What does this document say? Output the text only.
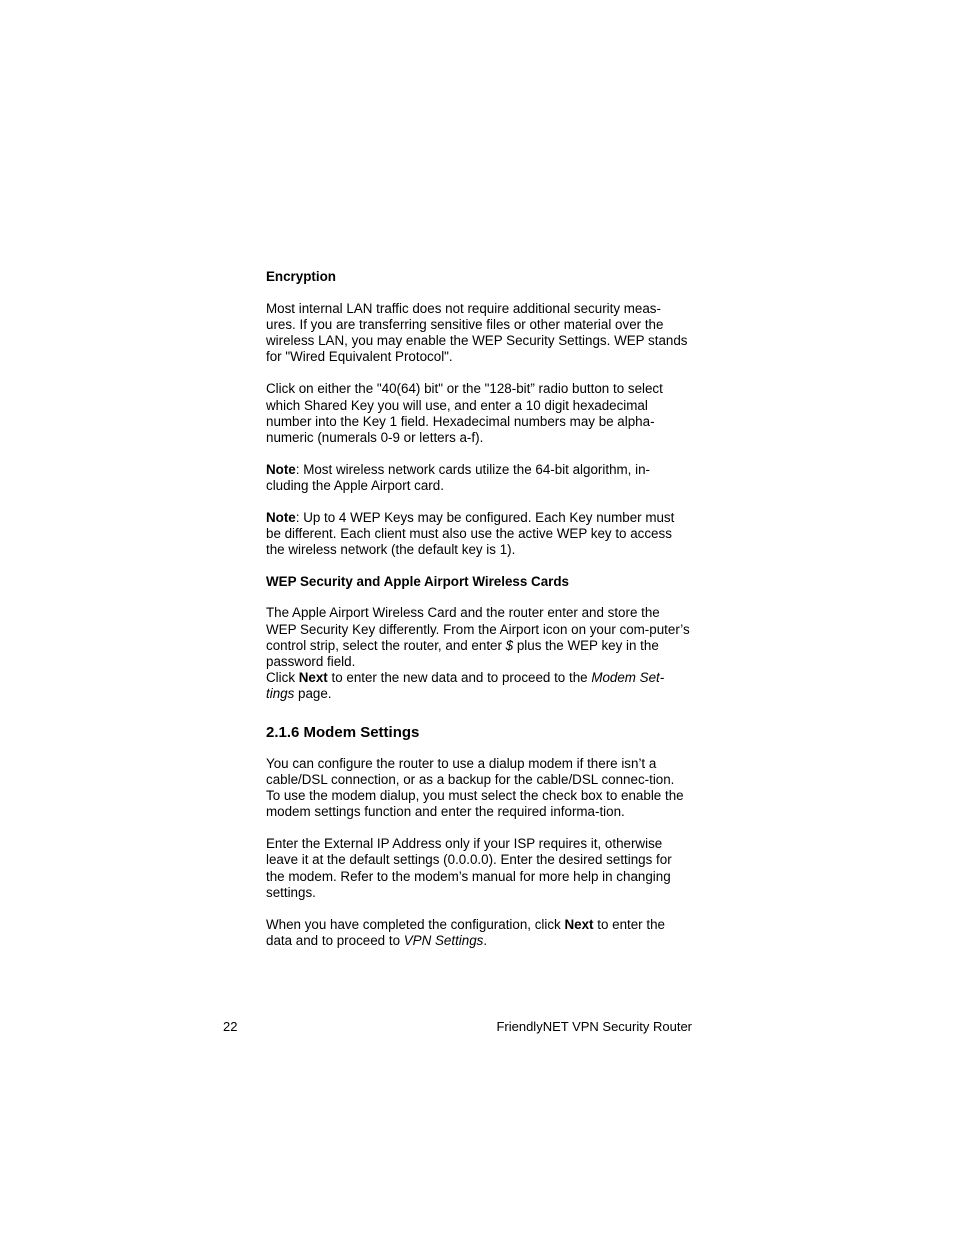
Encryption

Most internal LAN traffic does not require additional security meas-ures. If you are transferring sensitive files or other material over the wireless LAN, you may enable the WEP Security Settings. WEP stands for "Wired Equivalent Protocol".

Click on either the "40(64) bit" or the "128-bit” radio button to select which Shared Key you will use, and enter a 10 digit hexadecimal number into the Key 1 field. Hexadecimal numbers may be alpha-numeric (numerals 0-9 or letters a-f).

Note: Most wireless network cards utilize the 64-bit algorithm, in-cluding the Apple Airport card.

Note: Up to 4 WEP Keys may be configured. Each Key number must be different. Each client must also use the active WEP key to access the wireless network (the default key is 1).

WEP Security and Apple Airport Wireless Cards

The Apple Airport Wireless Card and the router enter and store the WEP Security Key differently. From the Airport icon on your com-puter’s control strip, select the router, and enter $ plus the WEP key in the password field.

Click Next to enter the new data and to proceed to the Modem Set-tings page.

2.1.6 Modem Settings

You can configure the router to use a dialup modem if there isn’t a cable/DSL connection, or as a backup for the cable/DSL connec-tion. To use the modem dialup, you must select the check box to enable the modem settings function and enter the required informa-tion.

Enter the External IP Address only if your ISP requires it, otherwise leave it at the default settings (0.0.0.0). Enter the desired settings for the modem. Refer to the modem’s manual for more help in changing settings.

When you have completed the configuration, click Next to enter the data and to proceed to VPN Settings.

22	FriendlyNET VPN Security Router
